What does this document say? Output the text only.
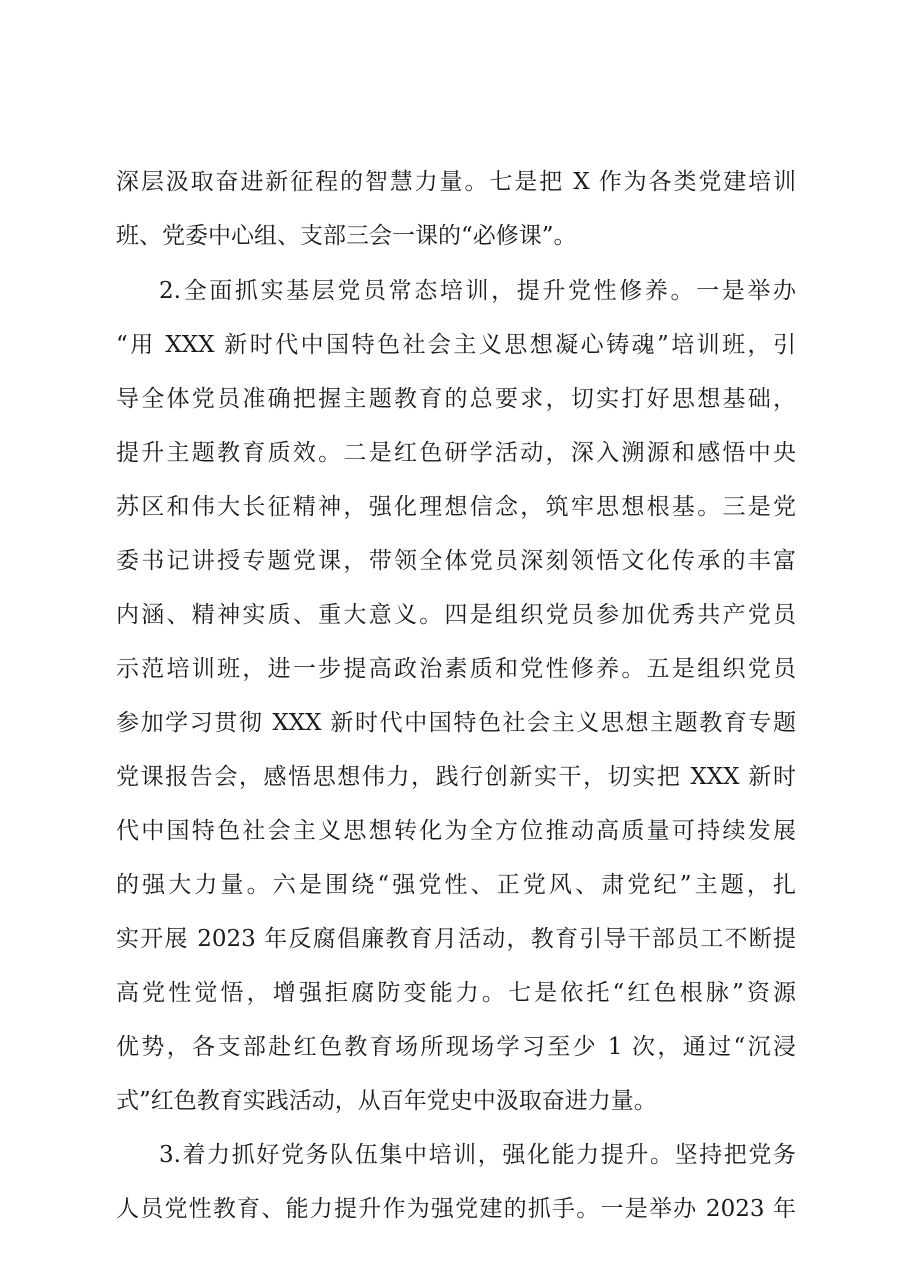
深层汲取奋进新征程的智慧力量。七是把 X 作为各类党建培训
班、党委中心组、支部三会一课的“必修课”。
2.全面抓实基层党员常态培训，提升党性修养。一是举办
“用 XXX 新时代中国特色社会主义思想凝心铸魂”培训班，引
导全体党员准确把握主题教育的总要求，切实打好思想基础，
提升主题教育质效。二是红色研学活动，深入溯源和感悟中央
苏区和伟大长征精神，强化理想信念，筑牢思想根基。三是党
委书记讲授专题党课，带领全体党员深刻领悟文化传承的丰富
内涵、精神实质、重大意义。四是组织党员参加优秀共产党员
示范培训班，进一步提高政治素质和党性修养。五是组织党员
参加学习贯彻 XXX 新时代中国特色社会主义思想主题教育专题
党课报告会，感悟思想伟力，践行创新实干，切实把 XXX 新时
代中国特色社会主义思想转化为全方位推动高质量可持续发展
的强大力量。六是围绕“强党性、正党风、肃党纪”主题，扎
实开展 2023 年反腐倡廉教育月活动，教育引导干部员工不断提
高党性觉悟，增强拒腐防变能力。七是依托“红色根脉”资源
优势，各支部赴红色教育场所现场学习至少 1 次，通过“沉浸
式”红色教育实践活动，从百年党史中汲取奋进力量。
3.着力抓好党务队伍集中培训，强化能力提升。坚持把党务
人员党性教育、能力提升作为强党建的抓手。一是举办 2023 年
